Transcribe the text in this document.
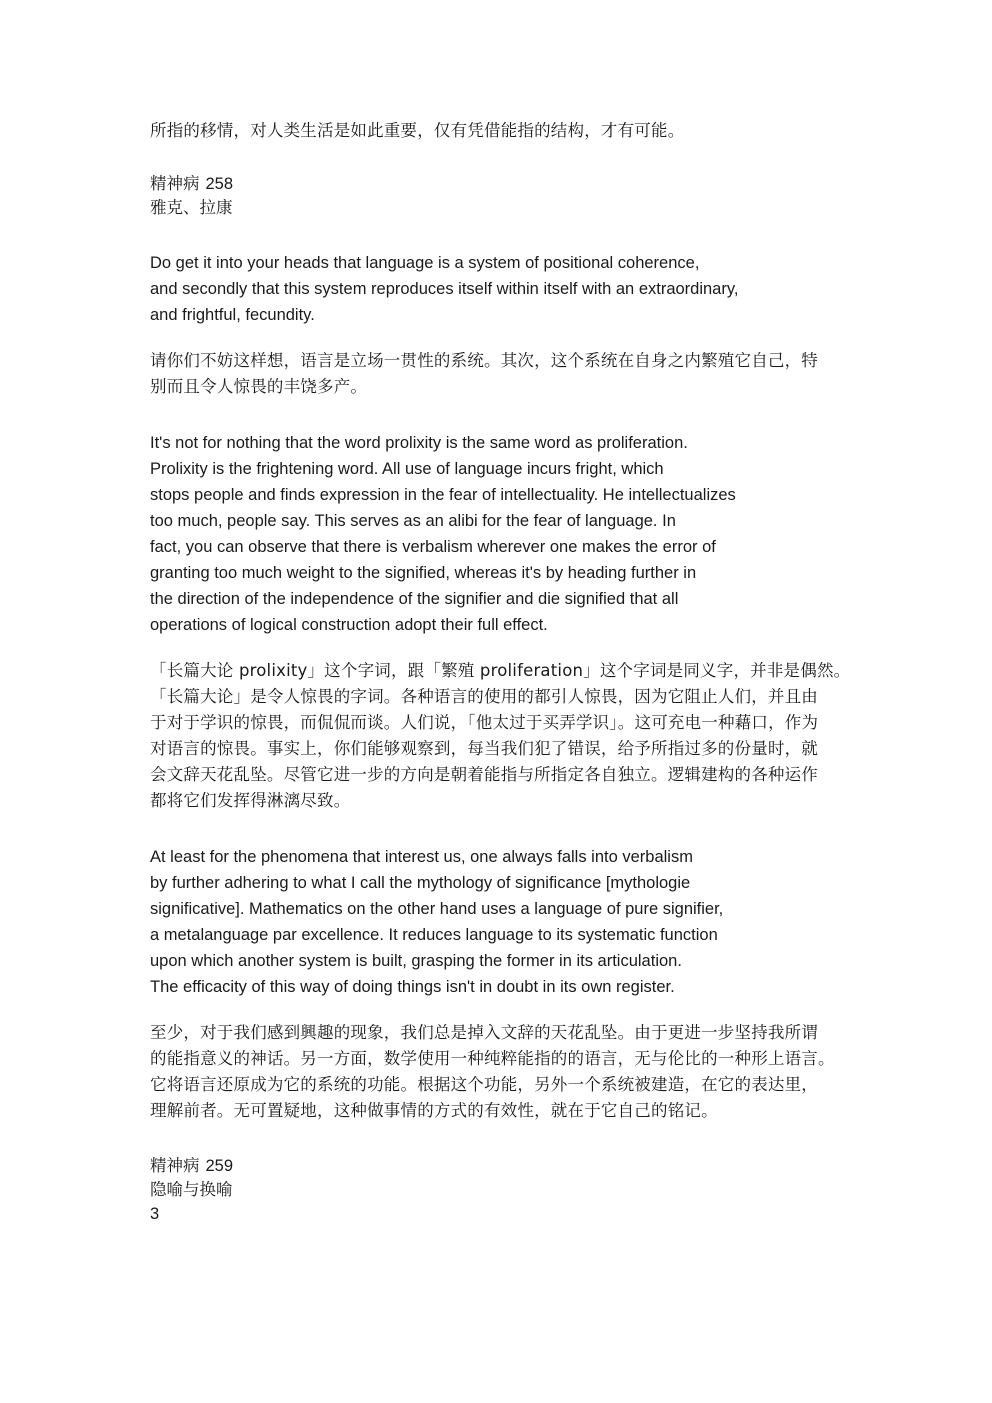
所指的移情，对人类生活是如此重要，仅有凭借能指的结构，才有可能。

精神病 258
雅克、拉康

Do get it into your heads that language is a system of positional coherence,
and secondly that this system reproduces itself within itself with an extraordinary,
and frightful, fecundity.

请你们不妨这样想，语言是立场一贯性的系统。其次，这个系统在自身之内繁殖它自己，特
别而且令人惊畏的丰饶多产。

It's not for nothing that the word prolixity is the same word as proliferation.
Prolixity is the frightening word. All use of language incurs fright, which
stops people and finds expression in the fear of intellectuality. He intellectualizes
too much, people say. This serves as an alibi for the fear of language. In
fact, you can observe that there is verbalism wherever one makes the error of
granting too much weight to the signified, whereas it's by heading further in
the direction of the independence of the signifier and die signified that all
operations of logical construction adopt their full effect.

「长篇大论 prolixity」这个字词，跟「繁殖 proliferation」这个字词是同义字，并非是偶然。
「长篇大论」是令人惊畏的字词。各种语言的使用的都引人惊畏，因为它阻止人们，并且由
于对于学识的惊畏，而侃侃而谈。人们说，「他太过于买弄学识」。这可充电一种藉口，作为
对语言的惊畏。事实上，你们能够观察到，每当我们犯了错误，给予所指过多的份量时，就
会文辞天花乱坠。尽管它进一步的方向是朝着能指与所指定各自独立。逻辑建构的各种运作
都将它们发挥得淋漓尽致。

At least for the phenomena that interest us, one always falls into verbalism
by further adhering to what I call the mythology of significance [mythologie
significative]. Mathematics on the other hand uses a language of pure signifier,
a metalanguage par excellence. It reduces language to its systematic function
upon which another system is built, grasping the former in its articulation.
The efficacity of this way of doing things isn't in doubt in its own register.

至少，对于我们感到興趣的现象，我们总是掉入文辞的天花乱坠。由于更进一步坚持我所谓
的能指意义的神话。另一方面，数学使用一种纯粹能指的的语言，无与伦比的一种形上语言。
它将语言还原成为它的系统的功能。根据这个功能，另外一个系统被建造，在它的表达里，
理解前者。无可置疑地，这种做事情的方式的有效性，就在于它自己的铭记。

精神病 259
隐喻与换喻
3
